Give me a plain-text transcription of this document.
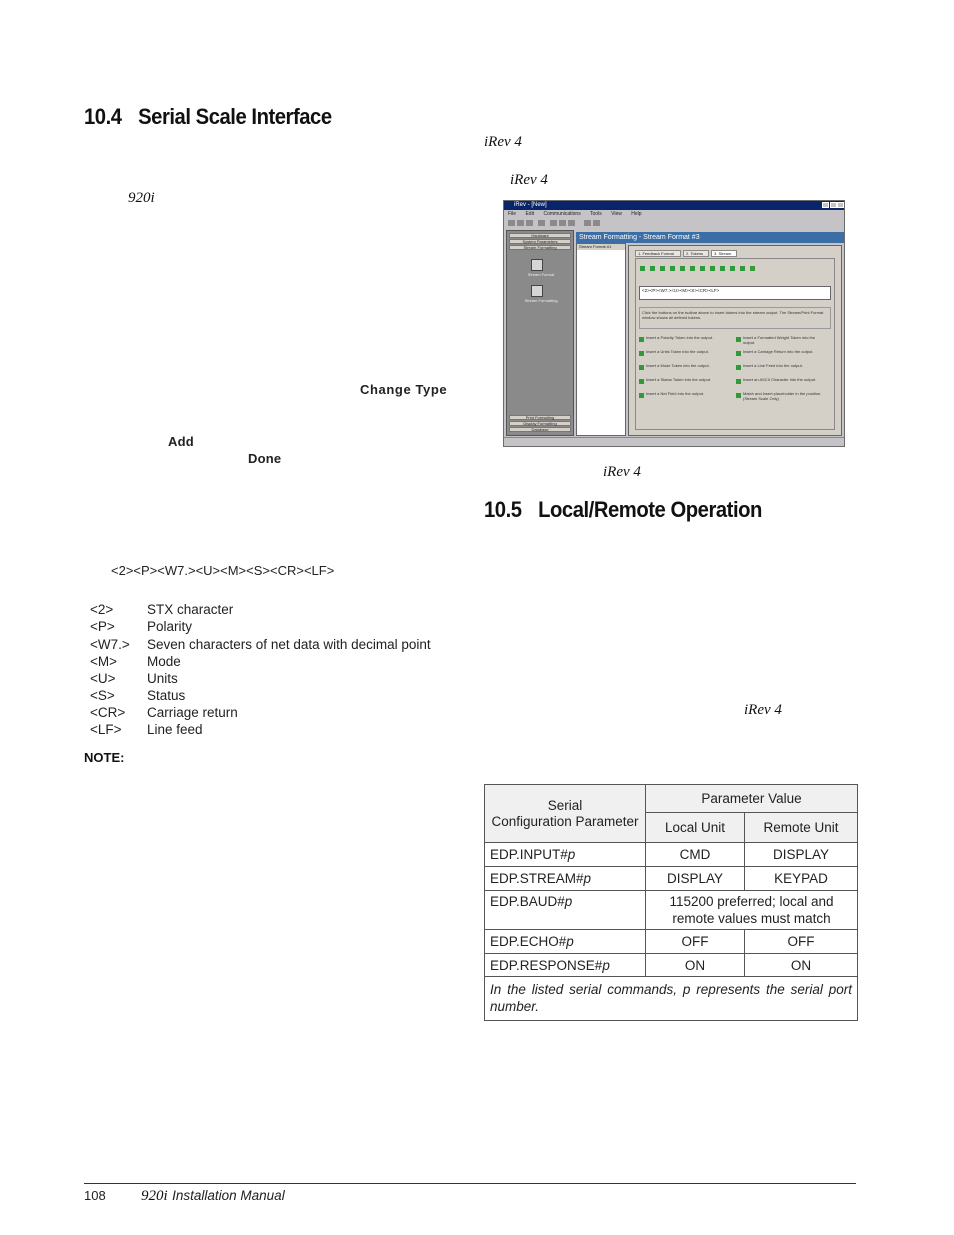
10.4 Serial Scale Interface
920i
Change Type
Add
Done
<2><P><W7.><U><M><S><CR><LF>
<2> STX character
<P> Polarity
<W7.> Seven characters of net data with decimal point
<M> Mode
<U> Units
<S> Status
<CR> Carriage return
<LF> Line feed
NOTE:
iRev 4
iRev 4
iRev - [New]
File Edit Communications Tools View Help
Hardware
System Parameters
Stream Formatting
Stream Format
Stream Formatting
Print Formatting
Display Formatting
Database
Stream Formatting - Stream Format #3
Stream Format #1
1. Feedback Format	2. Tokens	3. Stream
<2><P><W7.><U><M><S><CR><LF>
Click the buttons on the toolbar above to insert tokens into the stream output. The Stream/Print Format window shows all defined tokens.
Insert a Polarity Token into the output.
Insert a Units Token into the output.
Insert a Mode Token into the output.
Insert a Status Token into the output.
Insert a Net Field into the output.
Insert a Formatted Weight Token into the output.
Insert a Carriage Return into the output.
Insert a Line Feed into the output.
Insert an ASCII Character into the output.
Match and insert placeholder in the position. (Stream Scale Only)
iRev 4
10.5 Local/Remote Operation
iRev 4
Serial
Configuration Parameter	Parameter Value	
	Local Unit	Remote Unit
EDP.INPUT#p	CMD	DISPLAY
EDP.STREAM#p	DISPLAY	KEYPAD
EDP.BAUD#p	115200 preferred; local and remote values must match	
EDP.ECHO#p	OFF	OFF
EDP.RESPONSE#p	ON	ON
In the listed serial commands, p represents the serial port number.		
108 920i Installation Manual
